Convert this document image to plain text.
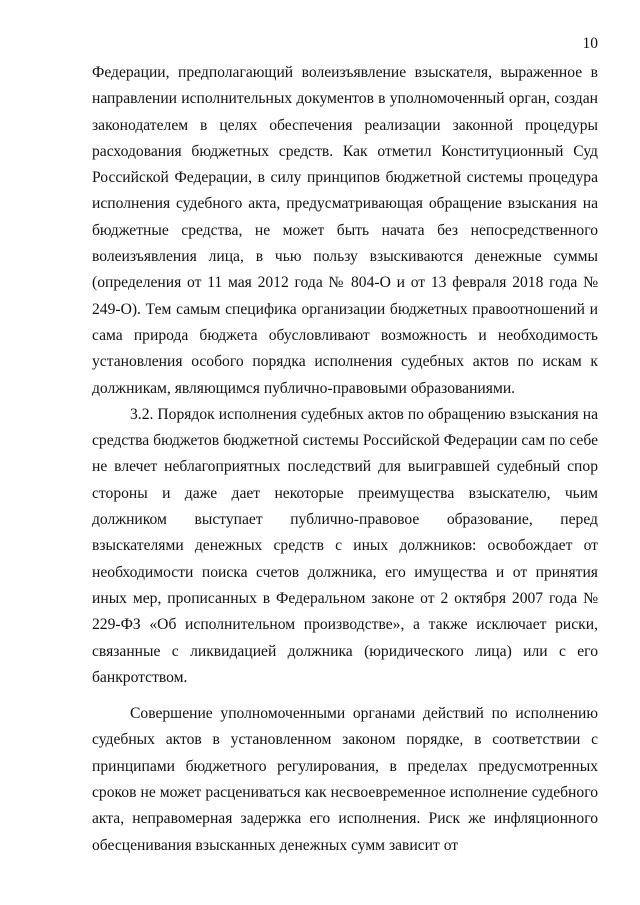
10

Федерации, предполагающий волеизъявление взыскателя, выраженное в направлении исполнительных документов в уполномоченный орган, создан законодателем в целях обеспечения реализации законной процедуры расходования бюджетных средств. Как отметил Конституционный Суд Российской Федерации, в силу принципов бюджетной системы процедура исполнения судебного акта, предусматривающая обращение взыскания на бюджетные средства, не может быть начата без непосредственного волеизъявления лица, в чью пользу взыскиваются денежные суммы (определения от 11 мая 2012 года № 804-О и от 13 февраля 2018 года № 249-О). Тем самым специфика организации бюджетных правоотношений и сама природа бюджета обусловливают возможность и необходимость установления особого порядка исполнения судебных актов по искам к должникам, являющимся публично-правовыми образованиями.

3.2. Порядок исполнения судебных актов по обращению взыскания на средства бюджетов бюджетной системы Российской Федерации сам по себе не влечет неблагоприятных последствий для выигравшей судебный спор стороны и даже дает некоторые преимущества взыскателю, чьим должником выступает публично-правовое образование, перед взыскателями денежных средств с иных должников: освобождает от необходимости поиска счетов должника, его имущества и от принятия иных мер, прописанных в Федеральном законе от 2 октября 2007 года № 229-ФЗ «Об исполнительном производстве», а также исключает риски, связанные с ликвидацией должника (юридического лица) или с его банкротством.

Совершение уполномоченными органами действий по исполнению судебных актов в установленном законом порядке, в соответствии с принципами бюджетного регулирования, в пределах предусмотренных сроков не может расцениваться как несвоевременное исполнение судебного акта, неправомерная задержка его исполнения. Риск же инфляционного обесценивания взысканных денежных сумм зависит от
